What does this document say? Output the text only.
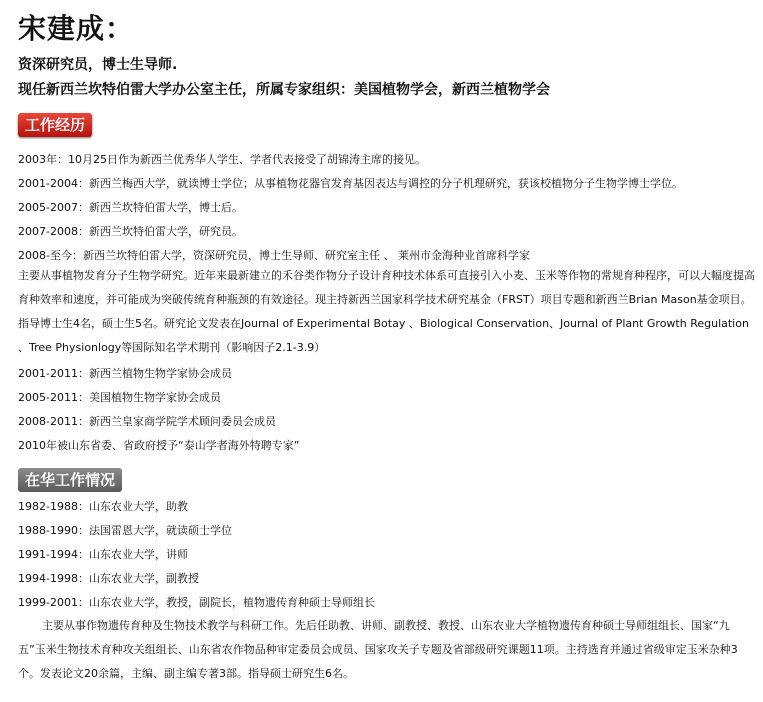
宋建成：
资深研究员，博士生导师.
现任新西兰坎特伯雷大学办公室主任，所属专家组织：美国植物学会，新西兰植物学会
工作经历
2003年：10月25日作为新西兰优秀华人学生、学者代表接受了胡锦涛主席的接见。
2001-2004：新西兰梅西大学，就读博士学位；从事植物花器官发育基因表达与调控的分子机理研究，获该校植物分子生物学博士学位。
2005-2007：新西兰坎特伯雷大学，博士后。
2007-2008：新西兰坎特伯雷大学，研究员。
2008-至今：新西兰坎特伯雷大学，资深研究员，博士生导师、研究室主任 、 莱州市金海种业首席科学家
主要从事植物发育分子生物学研究。近年来最新建立的禾谷类作物分子设计育种技术体系可直接引入小麦、玉米等作物的常规育种程序，可以大幅度提高育种效率和速度，并可能成为突破传统育种瓶颈的有效途径。现主持新西兰国家科学技术研究基金（FRST）项目专题和新西兰Brian Mason基金项目。指导博士生4名，硕士生5名。研究论文发表在Journal of Experimental Botay 、Biological Conservation、Journal of Plant Growth Regulation 、Tree Physionlogy等国际知名学术期刊（影响因子2.1-3.9）
2001-2011：新西兰植物生物学家协会成员
2005-2011：美国植物生物学家协会成员
2008-2011：新西兰皇家商学院学术顾问委员会成员
2010年被山东省委、省政府授予“泰山学者海外特聘专家”
在华工作情况
1982-1988：山东农业大学，助教
1988-1990：法国雷恩大学，就读硕士学位
1991-1994：山东农业大学，讲师
1994-1998：山东农业大学，副教授
1999-2001：山东农业大学，教授，副院长，植物遗传育种硕士导师组长
主要从事作物遗传育种及生物技术教学与科研工作。先后任助教、讲师、副教授、教授、山东农业大学植物遗传育种硕士导师组组长、国家“九五”玉米生物技术育种攻关组组长、山东省农作物品种审定委员会成员、国家攻关子专题及省部级研究课题11项。主持选育并通过省级审定玉米杂种3个。发表论文20余篇，主编、副主编专著3部。指导硕士研究生6名。
